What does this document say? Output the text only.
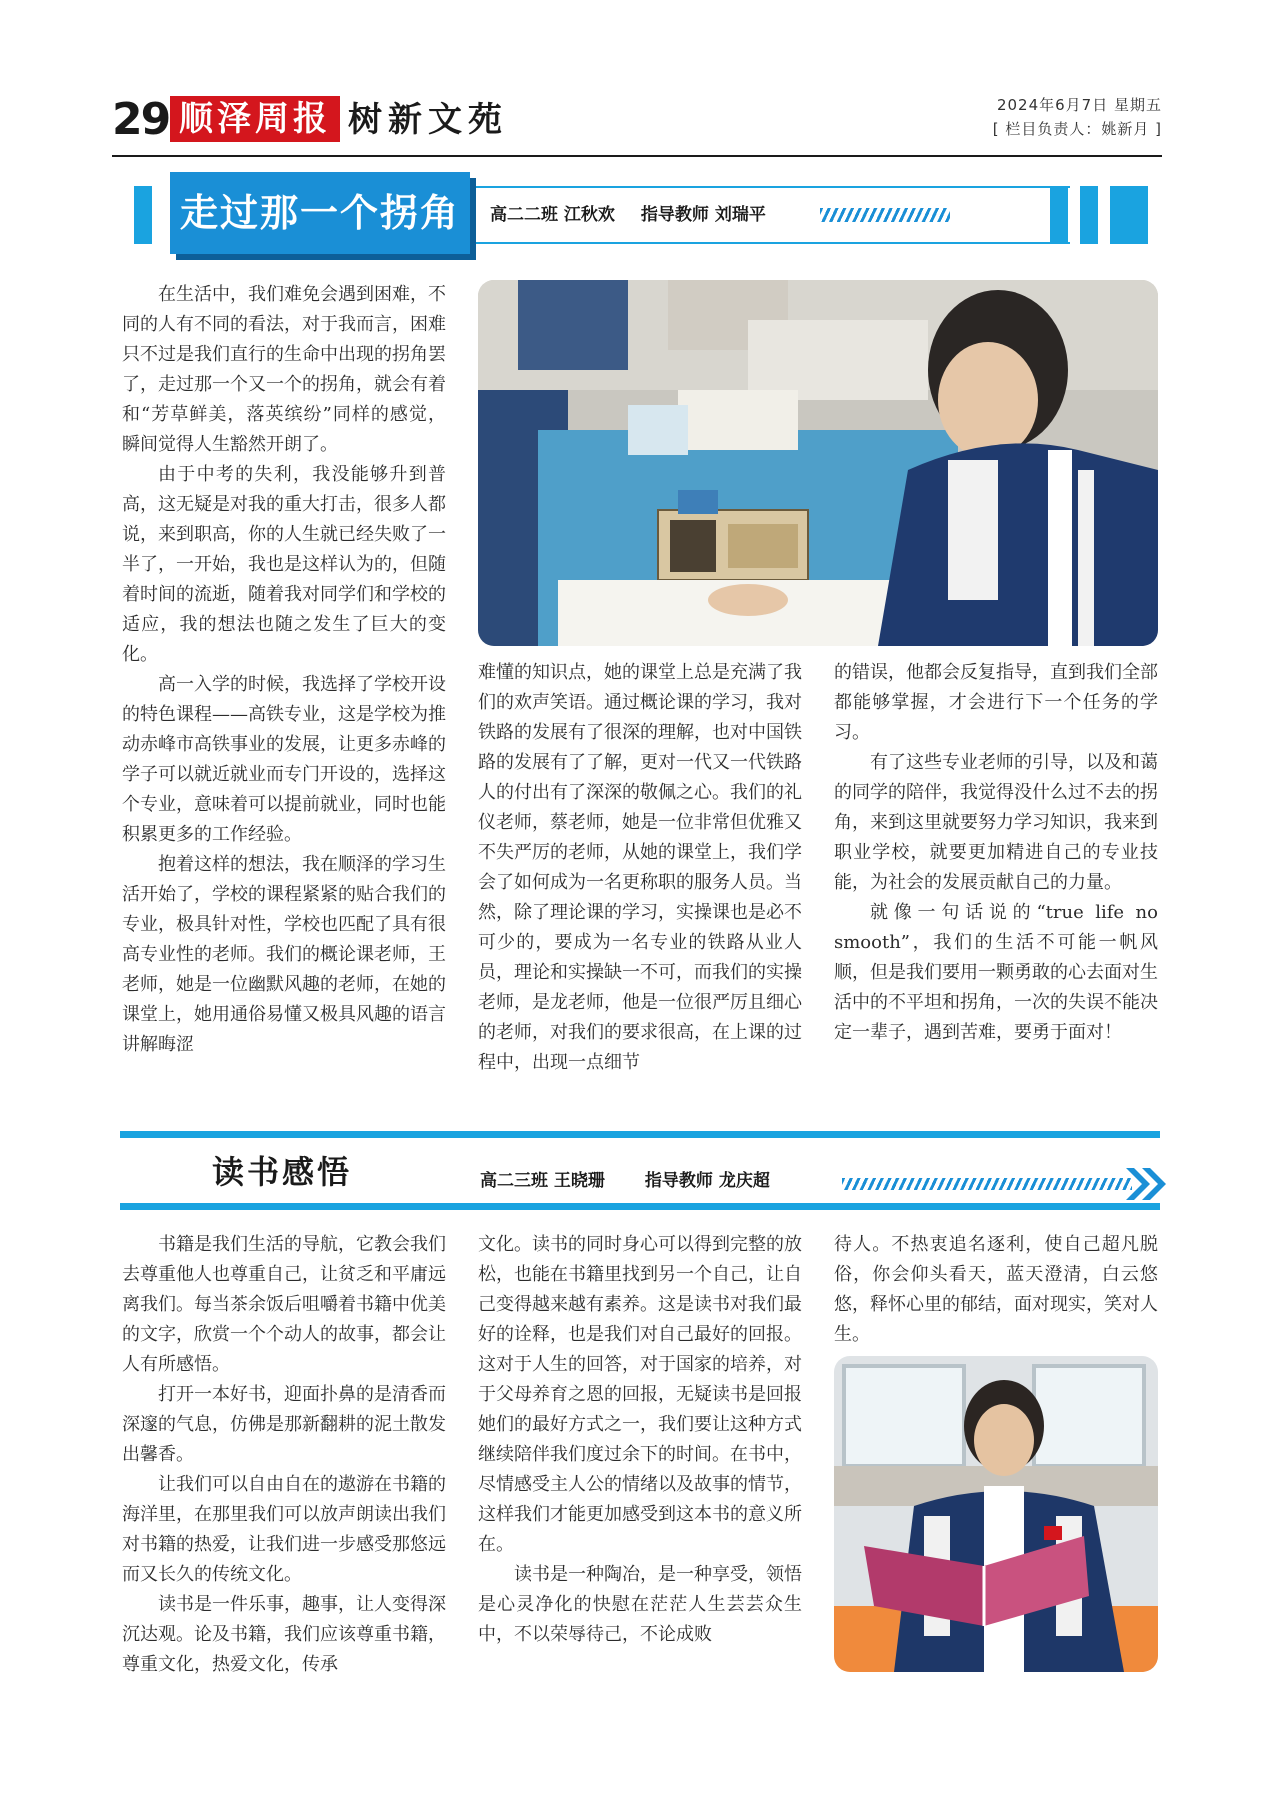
29 顺泽周报 树新文苑	2024年6月7日 星期五
[ 栏目负责人：姚新月 ]
高二二班 江秋欢 指导教师 刘瑞平
走过那一个拐角

在生活中，我们难免会遇到困难，不同的人有不同的看法，对于我而言，困难只不过是我们直行的生命中出现的拐角罢了，走过那一个又一个的拐角，就会有着和“芳草鲜美，落英缤纷”同样的感觉，瞬间觉得人生豁然开朗了。

由于中考的失利，我没能够升到普高，这无疑是对我的重大打击，很多人都说，来到职高，你的人生就已经失败了一半了，一开始，我也是这样认为的，但随着时间的流逝，随着我对同学们和学校的适应，我的想法也随之发生了巨大的变化。

高一入学的时候，我选择了学校开设的特色课程——高铁专业，这是学校为推动赤峰市高铁事业的发展，让更多赤峰的学子可以就近就业而专门开设的，选择这个专业，意味着可以提前就业，同时也能积累更多的工作经验。

抱着这样的想法，我在顺泽的学习生活开始了，学校的课程紧紧的贴合我们的专业，极具针对性，学校也匹配了具有很高专业性的老师。我们的概论课老师，王老师，她是一位幽默风趣的老师，在她的课堂上，她用通俗易懂又极具风趣的语言讲解晦涩

难懂的知识点，她的课堂上总是充满了我们的欢声笑语。通过概论课的学习，我对铁路的发展有了很深的理解，也对中国铁路的发展有了了解，更对一代又一代铁路人的付出有了深深的敬佩之心。我们的礼仪老师，蔡老师，她是一位非常但优雅又不失严厉的老师，从她的课堂上，我们学会了如何成为一名更称职的服务人员。当然，除了理论课的学习，实操课也是必不可少的，要成为一名专业的铁路从业人员，理论和实操缺一不可，而我们的实操老师，是龙老师，他是一位很严厉且细心的老师，对我们的要求很高，在上课的过程中，出现一点细节

的错误，他都会反复指导，直到我们全部都能够掌握，才会进行下一个任务的学习。

有了这些专业老师的引导，以及和蔼的同学的陪伴，我觉得没什么过不去的拐角，来到这里就要努力学习知识，我来到职业学校，就要更加精进自己的专业技能，为社会的发展贡献自己的力量。

就像一句话说的“true life no smooth”，我们的生活不可能一帆风顺，但是我们要用一颗勇敢的心去面对生活中的不平坦和拐角，一次的失误不能决定一辈子，遇到苦难，要勇于面对！

读书感悟	高二三班 王晓珊 指导教师 龙庆超

书籍是我们生活的导航，它教会我们去尊重他人也尊重自己，让贫乏和平庸远离我们。每当茶余饭后咀嚼着书籍中优美的文字，欣赏一个个动人的故事，都会让人有所感悟。

打开一本好书，迎面扑鼻的是清香而深邃的气息，仿佛是那新翻耕的泥土散发出馨香。

让我们可以自由自在的遨游在书籍的海洋里，在那里我们可以放声朗读出我们对书籍的热爱，让我们进一步感受那悠远而又长久的传统文化。

读书是一件乐事，趣事，让人变得深沉达观。论及书籍，我们应该尊重书籍，尊重文化，热爱文化，传承

文化。读书的同时身心可以得到完整的放松，也能在书籍里找到另一个自己，让自己变得越来越有素养。这是读书对我们最好的诠释，也是我们对自己最好的回报。这对于人生的回答，对于国家的培养，对于父母养育之恩的回报，无疑读书是回报她们的最好方式之一，我们要让这种方式继续陪伴我们度过余下的时间。在书中，尽情感受主人公的情绪以及故事的情节，这样我们才能更加感受到这本书的意义所在。

读书是一种陶冶，是一种享受，领悟是心灵净化的快慰在茫茫人生芸芸众生中，不以荣辱待己，不论成败

待人。不热衷追名逐利，使自己超凡脱俗，你会仰头看天，蓝天澄清，白云悠悠，释怀心里的郁结，面对现实，笑对人生。
